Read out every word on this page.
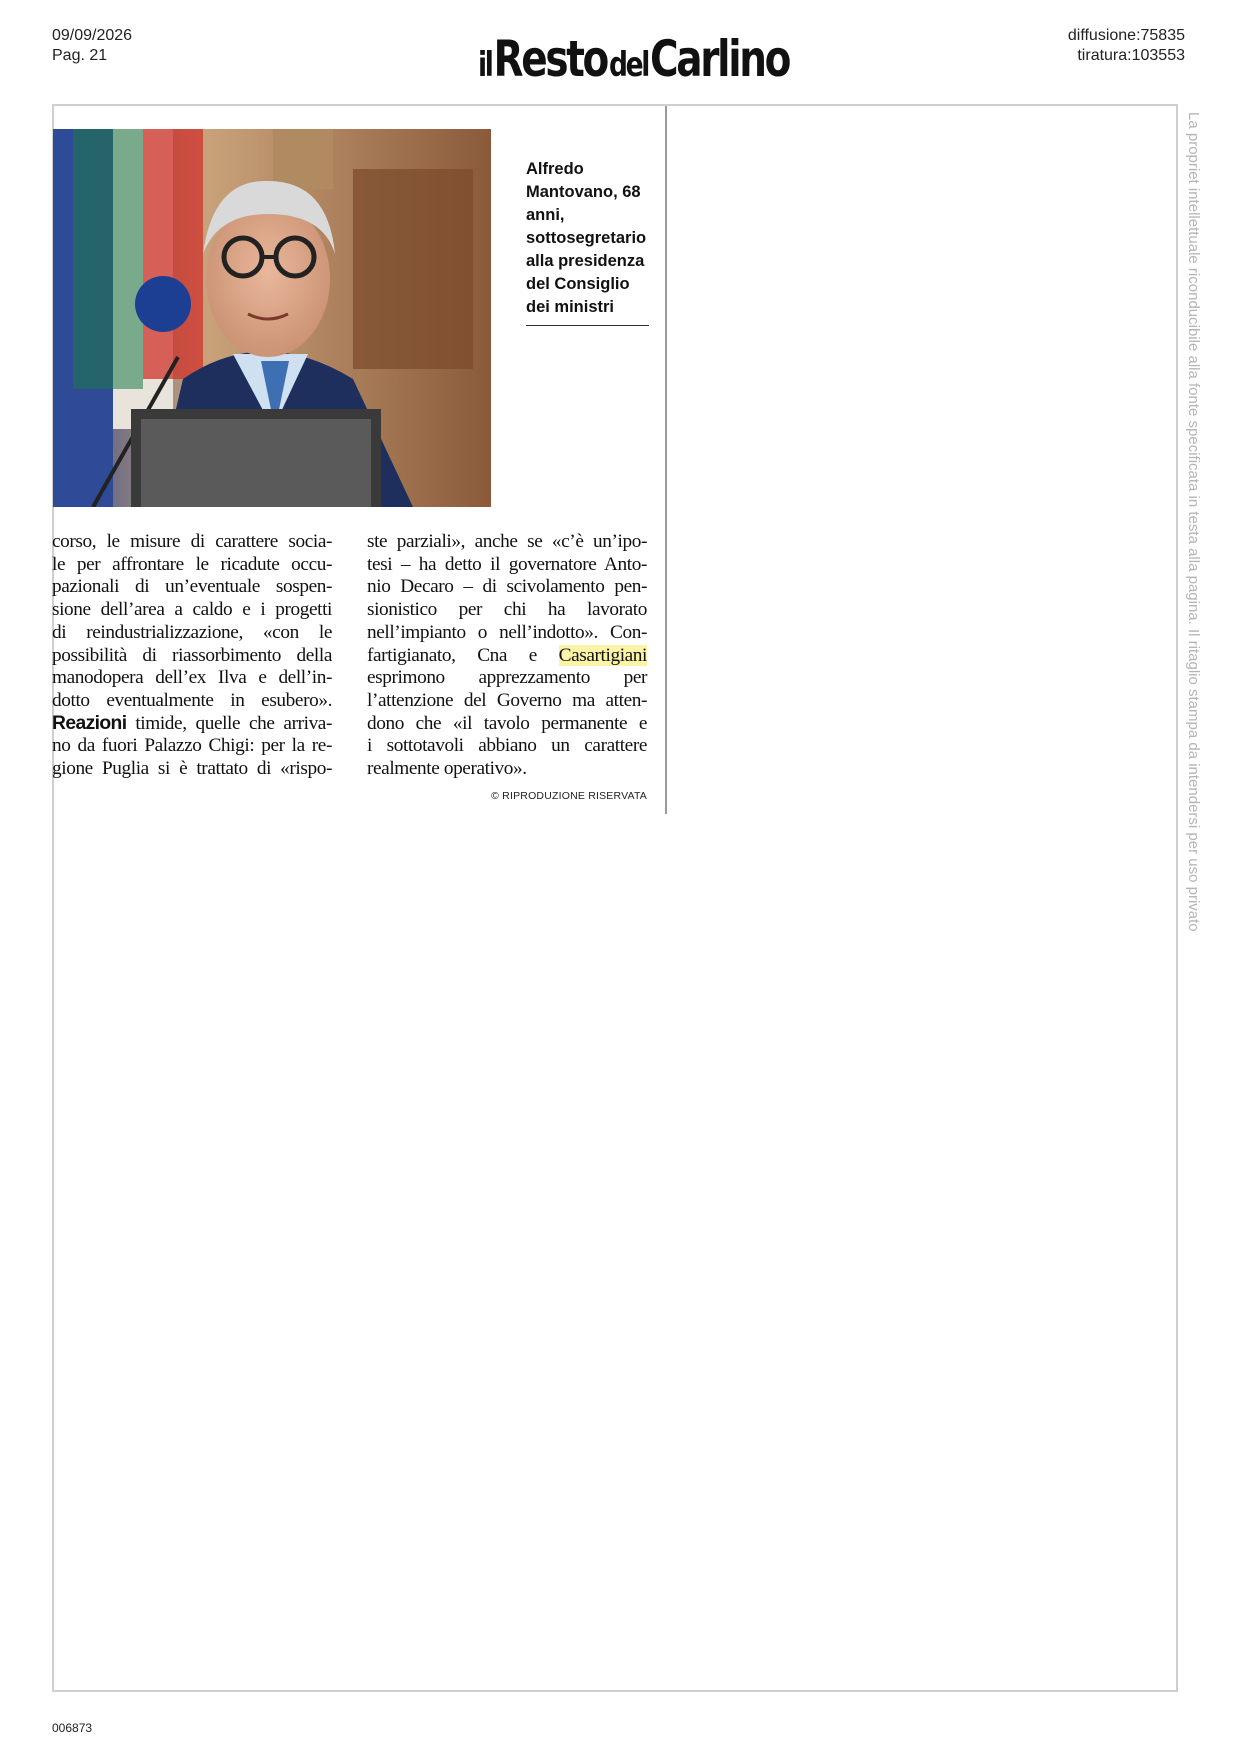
09/09/2026
Pag. 21	il Resto del Carlino	diffusione:75835
tiratura:103553
Alfredo Mantovano, 68 anni, sottosegretario alla presidenza del Consiglio dei ministri
corso, le misure di carattere socia-
le per affrontare le ricadute occu-
pazionali di un’eventuale sospen-
sione dell’area a caldo e i progetti
di reindustrializzazione, «con le
possibilità di riassorbimento della
manodopera dell’ex Ilva e dell’in-
dotto eventualmente in esubero».
Reazioni timide, quelle che arriva-
no da fuori Palazzo Chigi: per la re-
gione Puglia si è trattato di «rispo-
ste parziali», anche se «c’è un’ipo-
tesi – ha detto il governatore Anto-
nio Decaro – di scivolamento pen-
sionistico per chi ha lavorato
nell’impianto o nell’indotto». Con-
fartigianato, Cna e Casartigiani
esprimono apprezzamento per
l’attenzione del Governo ma atten-
dono che «il tavolo permanente e
i sottotavoli abbiano un carattere
realmente operativo».
© RIPRODUZIONE RISERVATA	La propriet intellettuale riconducibile alla fonte specificata in testa alla pagina. Il ritaglio stampa da intendersi per uso privato
006873
